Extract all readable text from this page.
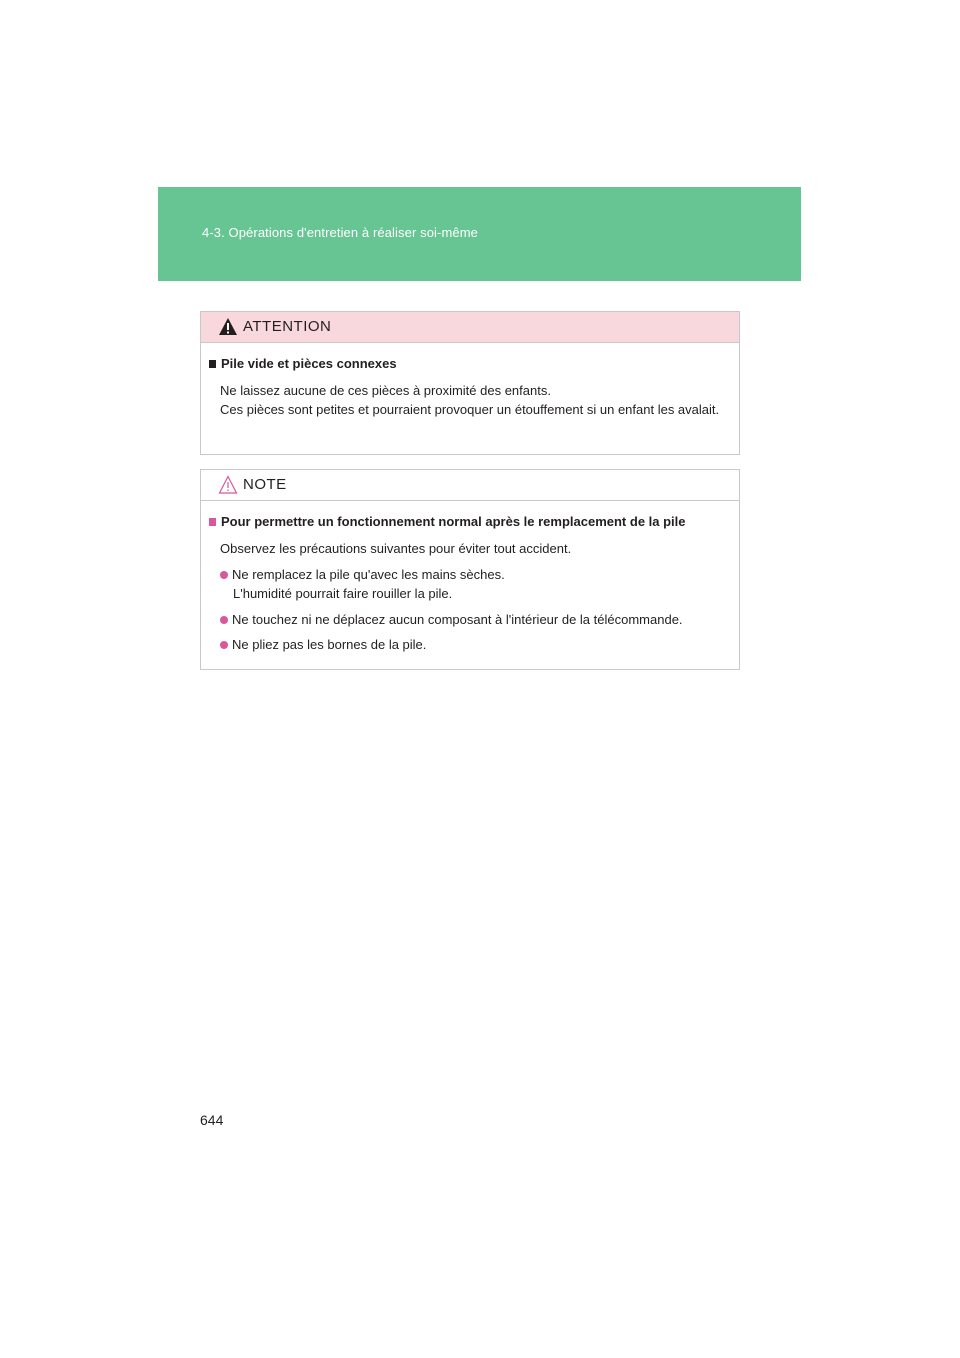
4-3. Opérations d'entretien à réaliser soi-même
ATTENTION
Pile vide et pièces connexes
Ne laissez aucune de ces pièces à proximité des enfants.
Ces pièces sont petites et pourraient provoquer un étouffement si un enfant les avalait.
NOTE
Pour permettre un fonctionnement normal après le remplacement de la pile
Observez les précautions suivantes pour éviter tout accident.
Ne remplacez la pile qu'avec les mains sèches.
L'humidité pourrait faire rouiller la pile.
Ne touchez ni ne déplacez aucun composant à l'intérieur de la télécommande.
Ne pliez pas les bornes de la pile.
644
